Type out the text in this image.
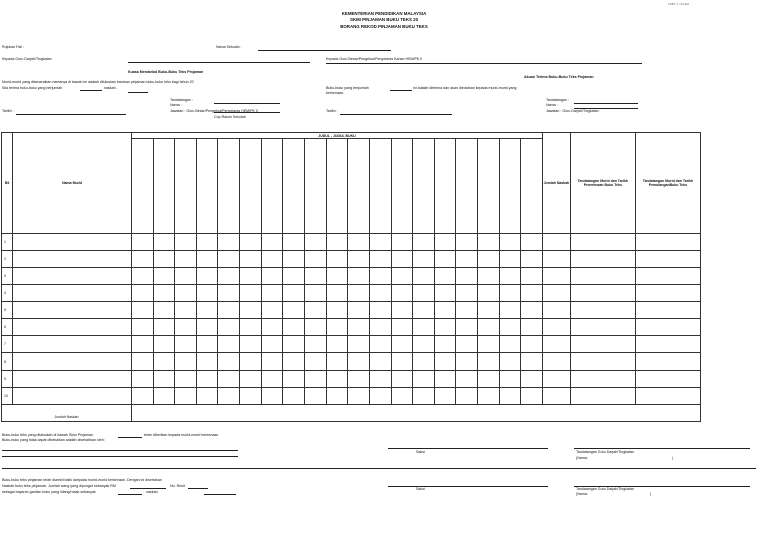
LPBT 1 / 03 Edt
KEMENTERIAN PENDIDIKAN MALAYSIA
SKIM PINJAMAN BUKU TEKS 20
BORANG REKOD PINJAMAN BUKU TEKS
Rujukan Fail :	Nama Sekolah :
Kepada Guru Darjah/Tingkatan
Kuasa Membekal Buku-Buku Teks Pinjaman
Murid-murid yang disenaraikan namanya di bawah ini adalah diluluskan bantuan pinjaman buku-buku teks bagi tahun 20
Sila terima buku-buku yang berjumlah	naskah.
Tandatangan :
Nama :
Tarikh :	Jawatan : Guru Besar/Pengetua/Penyelaras HEM/PK II
Cop Rasmi Sekolah
Kepada Guru Besar/Pengetua/Penyelaras Kanan HEM/PK II
Akuan Terima Buku-Buku Teks Pinjaman
Buku-buku yang berjumlah	ini adalah diterima dan akan diedarkan kepada murid-murid yang
berkenaan.
Tandatangan :
Nama :
Tarikh :	Jawatan : Guru Darjah/Tingkatan
Bil	Nama Murid	JUDUL - JUDUL BUKU																			Jumlah Naskah	Tandatangan Murid dan Tarikh Penerimaan Buku Teks	Tandatangan Murid dan Tarikh PemulanganBuku Teks

1																							
2																							
3																							
4																							
5																							
6																							
7																							
8																							
9																							
10																							
Jumlah Naskah																							
Buku-buku teks yang dilaluskan di bawah Skim Pinjaman	telah diberikan kepada murid-murid berkenaan
Buku-buku yang tidak dapat dibekalkan adalah disebabkan oleh:
Saksi	Tandatangan Guru Darjah/Tingkatan
(Nama:	)
Buku-buku teks pinjaman telah diambil balik daripada murid-murid berkenaan. Dengan ini disertakan
Naskah buku teks pinjaman. Jumlah wang yang dipungut sebanyak RM	No. Resit
sebagai bayaran gantian buku yang hilang/rosak sebanyak	naskah.
Saksi	Tandatangan Guru Darjah/Tingkatan
(Nama:	)
